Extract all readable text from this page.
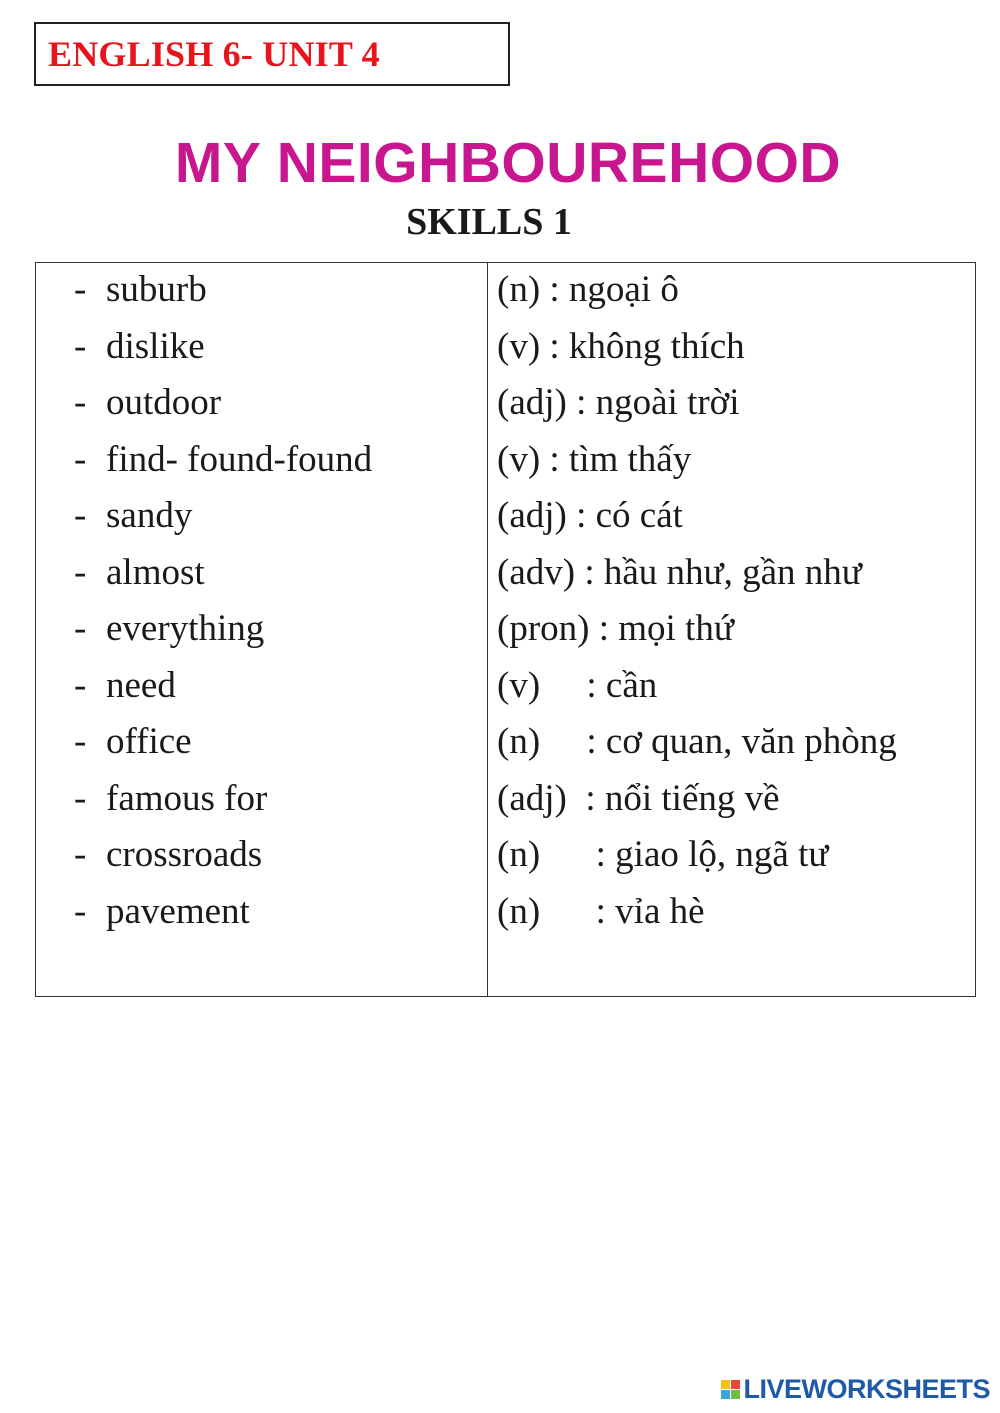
ENGLISH 6- UNIT 4
MY NEIGHBOUREHOOD
SKILLS 1
- suburb
- dislike
- outdoor
- find- found-found
- sandy
- almost
- everything
- need
- office
- famous for
- crossroads
- pavement
(n) : ngoại ô
(v) : không thích
(adj) : ngoài trời
(v) : tìm thấy
(adj) : có cát
(adv) : hầu như, gần như
(pron) : mọi thứ
(v)     : cần
(n)     : cơ quan, văn phòng
(adj)  : nổi tiếng về
(n)      : giao lộ, ngã tư
(n)      : vỉa hè
LIVEWORKSHEETS
